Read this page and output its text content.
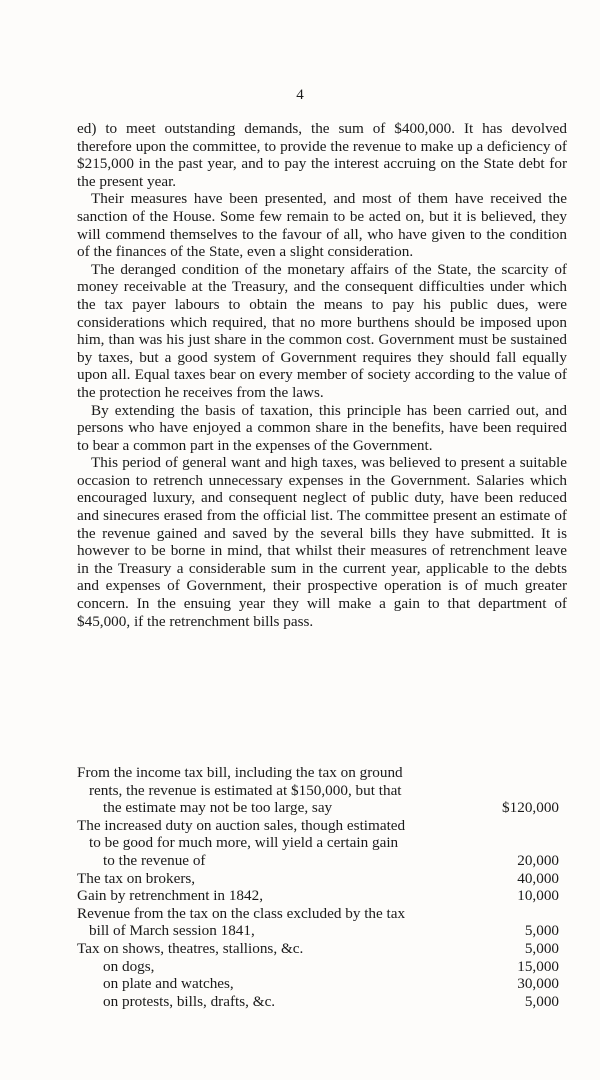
4

ed) to meet outstanding demands, the sum of $400,000. It has devolved therefore upon the committee, to provide the revenue to make up a deficiency of $215,000 in the past year, and to pay the interest accruing on the State debt for the present year.

Their measures have been presented, and most of them have received the sanction of the House. Some few remain to be acted on, but it is believed, they will commend themselves to the favour of all, who have given to the condition of the finances of the State, even a slight consideration.

The deranged condition of the monetary affairs of the State, the scarcity of money receivable at the Treasury, and the consequent difficulties under which the tax payer labours to obtain the means to pay his public dues, were considerations which required, that no more burthens should be imposed upon him, than was his just share in the common cost. Government must be sustained by taxes, but a good system of Government requires they should fall equally upon all. Equal taxes bear on every member of society according to the value of the protection he receives from the laws.

By extending the basis of taxation, this principle has been carried out, and persons who have enjoyed a common share in the benefits, have been required to bear a common part in the expenses of the Government.

This period of general want and high taxes, was believed to present a suitable occasion to retrench unnecessary expenses in the Government. Salaries which encouraged luxury, and consequent neglect of public duty, have been reduced and sinecures erased from the official list. The committee present an estimate of the revenue gained and saved by the several bills they have submitted. It is however to be borne in mind, that whilst their measures of retrenchment leave in the Treasury a considerable sum in the current year, applicable to the debts and expenses of Government, their prospective operation is of much greater concern. In the ensuing year they will make a gain to that department of $45,000, if the retrenchment bills pass.

From the income tax bill, including the tax on ground
rents, the revenue is estimated at $150,000, but that
the estimate may not be too large, say	$120,000
The increased duty on auction sales, though estimated
to be good for much more, will yield a certain gain
to the revenue of	20,000
The tax on brokers,	40,000
Gain by retrenchment in 1842,	10,000
Revenue from the tax on the class excluded by the tax
bill of March session 1841,	5,000
Tax on shows, theatres, stallions, &c.	5,000
on dogs,	15,000
on plate and watches,	30,000
on protests, bills, drafts, &c.	5,000
